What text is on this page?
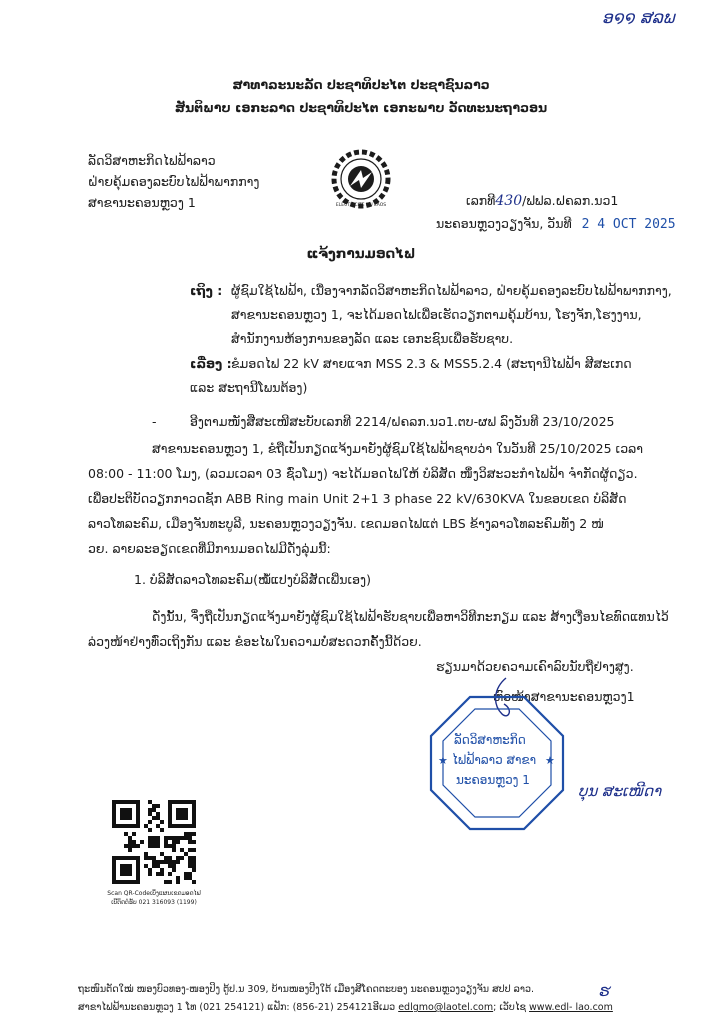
ອ໑໑ ສລພ
ສາທາລະນະລັດ ປະຊາທິປະໄຕ ປະຊາຊົນລາວ
ສັນຕິພາບ ເອກະລາດ ປະຊາທິປະໄຕ ເອກະພາບ ວັດທະນະຖາວອນ
ລັດວິສາຫະກິດໄຟຟ້າລາວ
ຝ່າຍຄຸ້ມຄອງລະບົບໄຟຟ້າພາກກາງ
ສາຂານະຄອນຫຼວງ 1	ELECTRICITE DU LAOS	ເລກທີ430/ຟຟລ.ຝຄລກ.ນວ1
ນະຄອນຫຼວງວຽງຈັນ, ວັນທີ 2 4 OCT 2025
ແຈ້ງການມອດໄຟ
ເຖິງ : ຜູ້ຊົມໃຊ້ໄຟຟ້າ, ເນື່ອງຈາກລັດວິສາຫະກິດໄຟຟ້າລາວ, ຝ່າຍຄຸ້ມຄອງລະບົບໄຟຟ້າພາກກາງ,
ສາຂານະຄອນຫຼວງ 1, ຈະໄດ້ມອດໄຟເພື່ອເຮັດວຽກຕາມຄຸ້ມບ້ານ, ໂຮງຈັກ,ໂຮງງານ,
ສໍານັກງານຫ້ອງການຂອງລັດ ແລະ ເອກະຊົນເພື່ອຮັບຊາບ.
ເລື່ອງ : ຂໍມອດໄຟ 22 kV ສາຍແຈກ MSS 2.3 & MSS5.2.4 (ສະຖານີໄຟຟ້າ ສີສະເກດ
ແລະ ສະຖານີໂພນຕ້ອງ)
-	ອີງຕາມໜັງສືສະເໜີສະບັບເລກທີ 2214/ຝຄລກ.ນວ1.ຕບ-ຜຟ ລົງວັນທີ 23/10/2025
ສາຂານະຄອນຫຼວງ 1, ຂໍຖືເປັນກຽດແຈ້ງມາຍັງຜູ້ຊົມໃຊ້ໄຟຟ້າຊາບວ່າ ໃນວັນທີ 25/10/2025 ເວລາ
08:00 - 11:00 ໂມງ, (ລວມເວລາ 03 ຊົ່ວໂມງ) ຈະໄດ້ມອດໄຟໃຫ້ ບໍລິສັດ ໜຶ່ງວິສະວະກໍາໄຟຟ້າ ຈໍາກັດຜູ້ດຽວ.
ເພື່ອປະຕິບັດວຽກກາວດຊັກ ABB Ring main Unit 2+1 3 phase 22 kV/630KVA ໃນຂອບເຂດ ບໍລິສັດ
ລາວໂທລະຄົມ, ເມືອງຈັນທະບູລີ, ນະຄອນຫຼວງວຽງຈັນ. ເຂດມອດໄຟແຕ່ LBS ຂ້າງລາວໂທລະຄົມທັງ 2 ໜ່
ວຍ. ລາຍລະອຽດເຂດທີ່ມີການມອດໄຟມີດັ່ງລຸ່ມນີ້:
1. ບໍລິສັດລາວໂທລະຄົມ(ໝໍ້ແປງບໍລິສັດເພີ່ນເອງ)
ດັ່ງນັ້ນ, ຈຶ່ງຖືເປັນກຽດແຈ້ງມາຍັງຜູ້ຊົມໃຊ້ໄຟຟ້າຮັບຊາບເພື່ອຫາວິທີກະກຽມ ແລະ ສ້າງເງື່ອນໄຂທົດແທນໄວ້
ລ່ວງໜ້າຢ່າງທົ່ວເຖິງກັນ ແລະ ຂໍອະໄພໃນຄວາມບໍ່ສະດວກຄັ້ງນີ້ດ້ວຍ.
ຮຽນມາດ້ວຍຄວາມເຄົາລົບນັບຖືຢ່າງສູງ.
ຫົວໜ້າສາຂານະຄອນຫຼວງ1
★	★
ລັດວິສາຫະກິດ
ໄຟຟ້າລາວ ສາຂາ
ນະຄອນຫຼວງ 1
ບຸນ ສະເໜີດາ
Scan QR-Codeເບິ່ງແຜນເຂດມອດໄຟ
ເບີຕິດຕໍ່ຮັບ 021 316093 (1199)
ຖະໜົນຕັດໃໝ່ ໜອງບົວທອງ-ໜອງປິງ ຕູ້ປ.ນ 309, ບ້ານໜອງປີງໃຕ້ ເມືອງສີໂຄດຕະບອງ ນະຄອນຫຼວງວຽງຈັນ ສປປ ລາວ.
ສາຂາໄຟຟ້ານະຄອນຫຼວງ 1 ໂທ (021 254121) ແຟັກ: (856-21) 254121ອີເມວ edlgmo@laotel.com; ເວັບໄຊ www.edl- lao.com
ຮ
